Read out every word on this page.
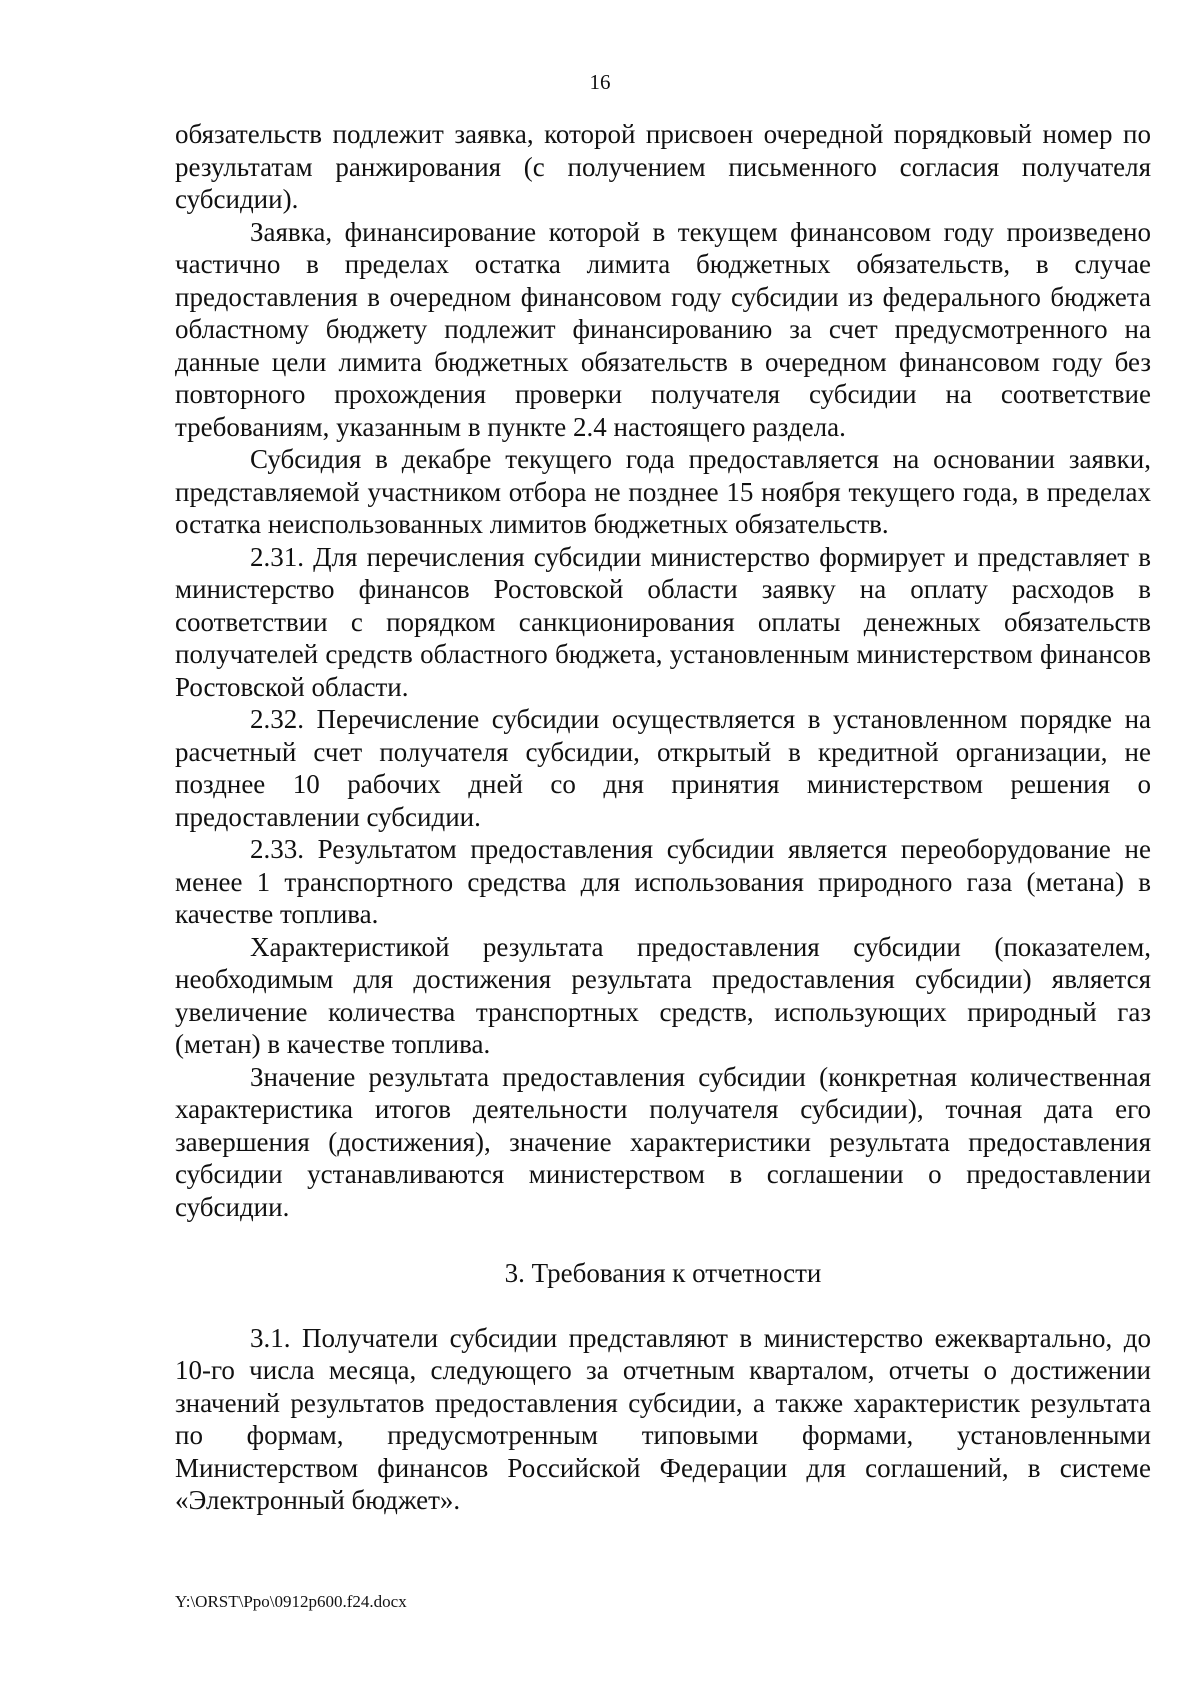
16

обязательств подлежит заявка, которой присвоен очередной порядковый номер по результатам ранжирования (с получением письменного согласия получателя субсидии).

Заявка, финансирование которой в текущем финансовом году произведено частично в пределах остатка лимита бюджетных обязательств, в случае предоставления в очередном финансовом году субсидии из федерального бюджета областному бюджету подлежит финансированию за счет предусмотренного на данные цели лимита бюджетных обязательств в очередном финансовом году без повторного прохождения проверки получателя субсидии на соответствие требованиям, указанным в пункте 2.4 настоящего раздела.

Субсидия в декабре текущего года предоставляется на основании заявки, представляемой участником отбора не позднее 15 ноября текущего года, в пределах остатка неиспользованных лимитов бюджетных обязательств.

2.31. Для перечисления субсидии министерство формирует и представляет в министерство финансов Ростовской области заявку на оплату расходов в соответствии с порядком санкционирования оплаты денежных обязательств получателей средств областного бюджета, установленным министерством финансов Ростовской области.

2.32. Перечисление субсидии осуществляется в установленном порядке на расчетный счет получателя субсидии, открытый в кредитной организации, не позднее 10 рабочих дней со дня принятия министерством решения о предоставлении субсидии.

2.33. Результатом предоставления субсидии является переоборудование не менее 1 транспортного средства для использования природного газа (метана) в качестве топлива.

Характеристикой результата предоставления субсидии (показателем, необходимым для достижения результата предоставления субсидии) является увеличение количества транспортных средств, использующих природный газ (метан) в качестве топлива.

Значение результата предоставления субсидии (конкретная количественная характеристика итогов деятельности получателя субсидии), точная дата его завершения (достижения), значение характеристики результата предоставления субсидии устанавливаются министерством в соглашении о предоставлении субсидии.

3. Требования к отчетности

3.1. Получатели субсидии представляют в министерство ежеквартально, до 10-го числа месяца, следующего за отчетным кварталом, отчеты о достижении значений результатов предоставления субсидии, а также характеристик результата по формам, предусмотренным типовыми формами, установленными Министерством финансов Российской Федерации для соглашений, в системе «Электронный бюджет».

Y:\ORST\Ppo\0912p600.f24.docx
